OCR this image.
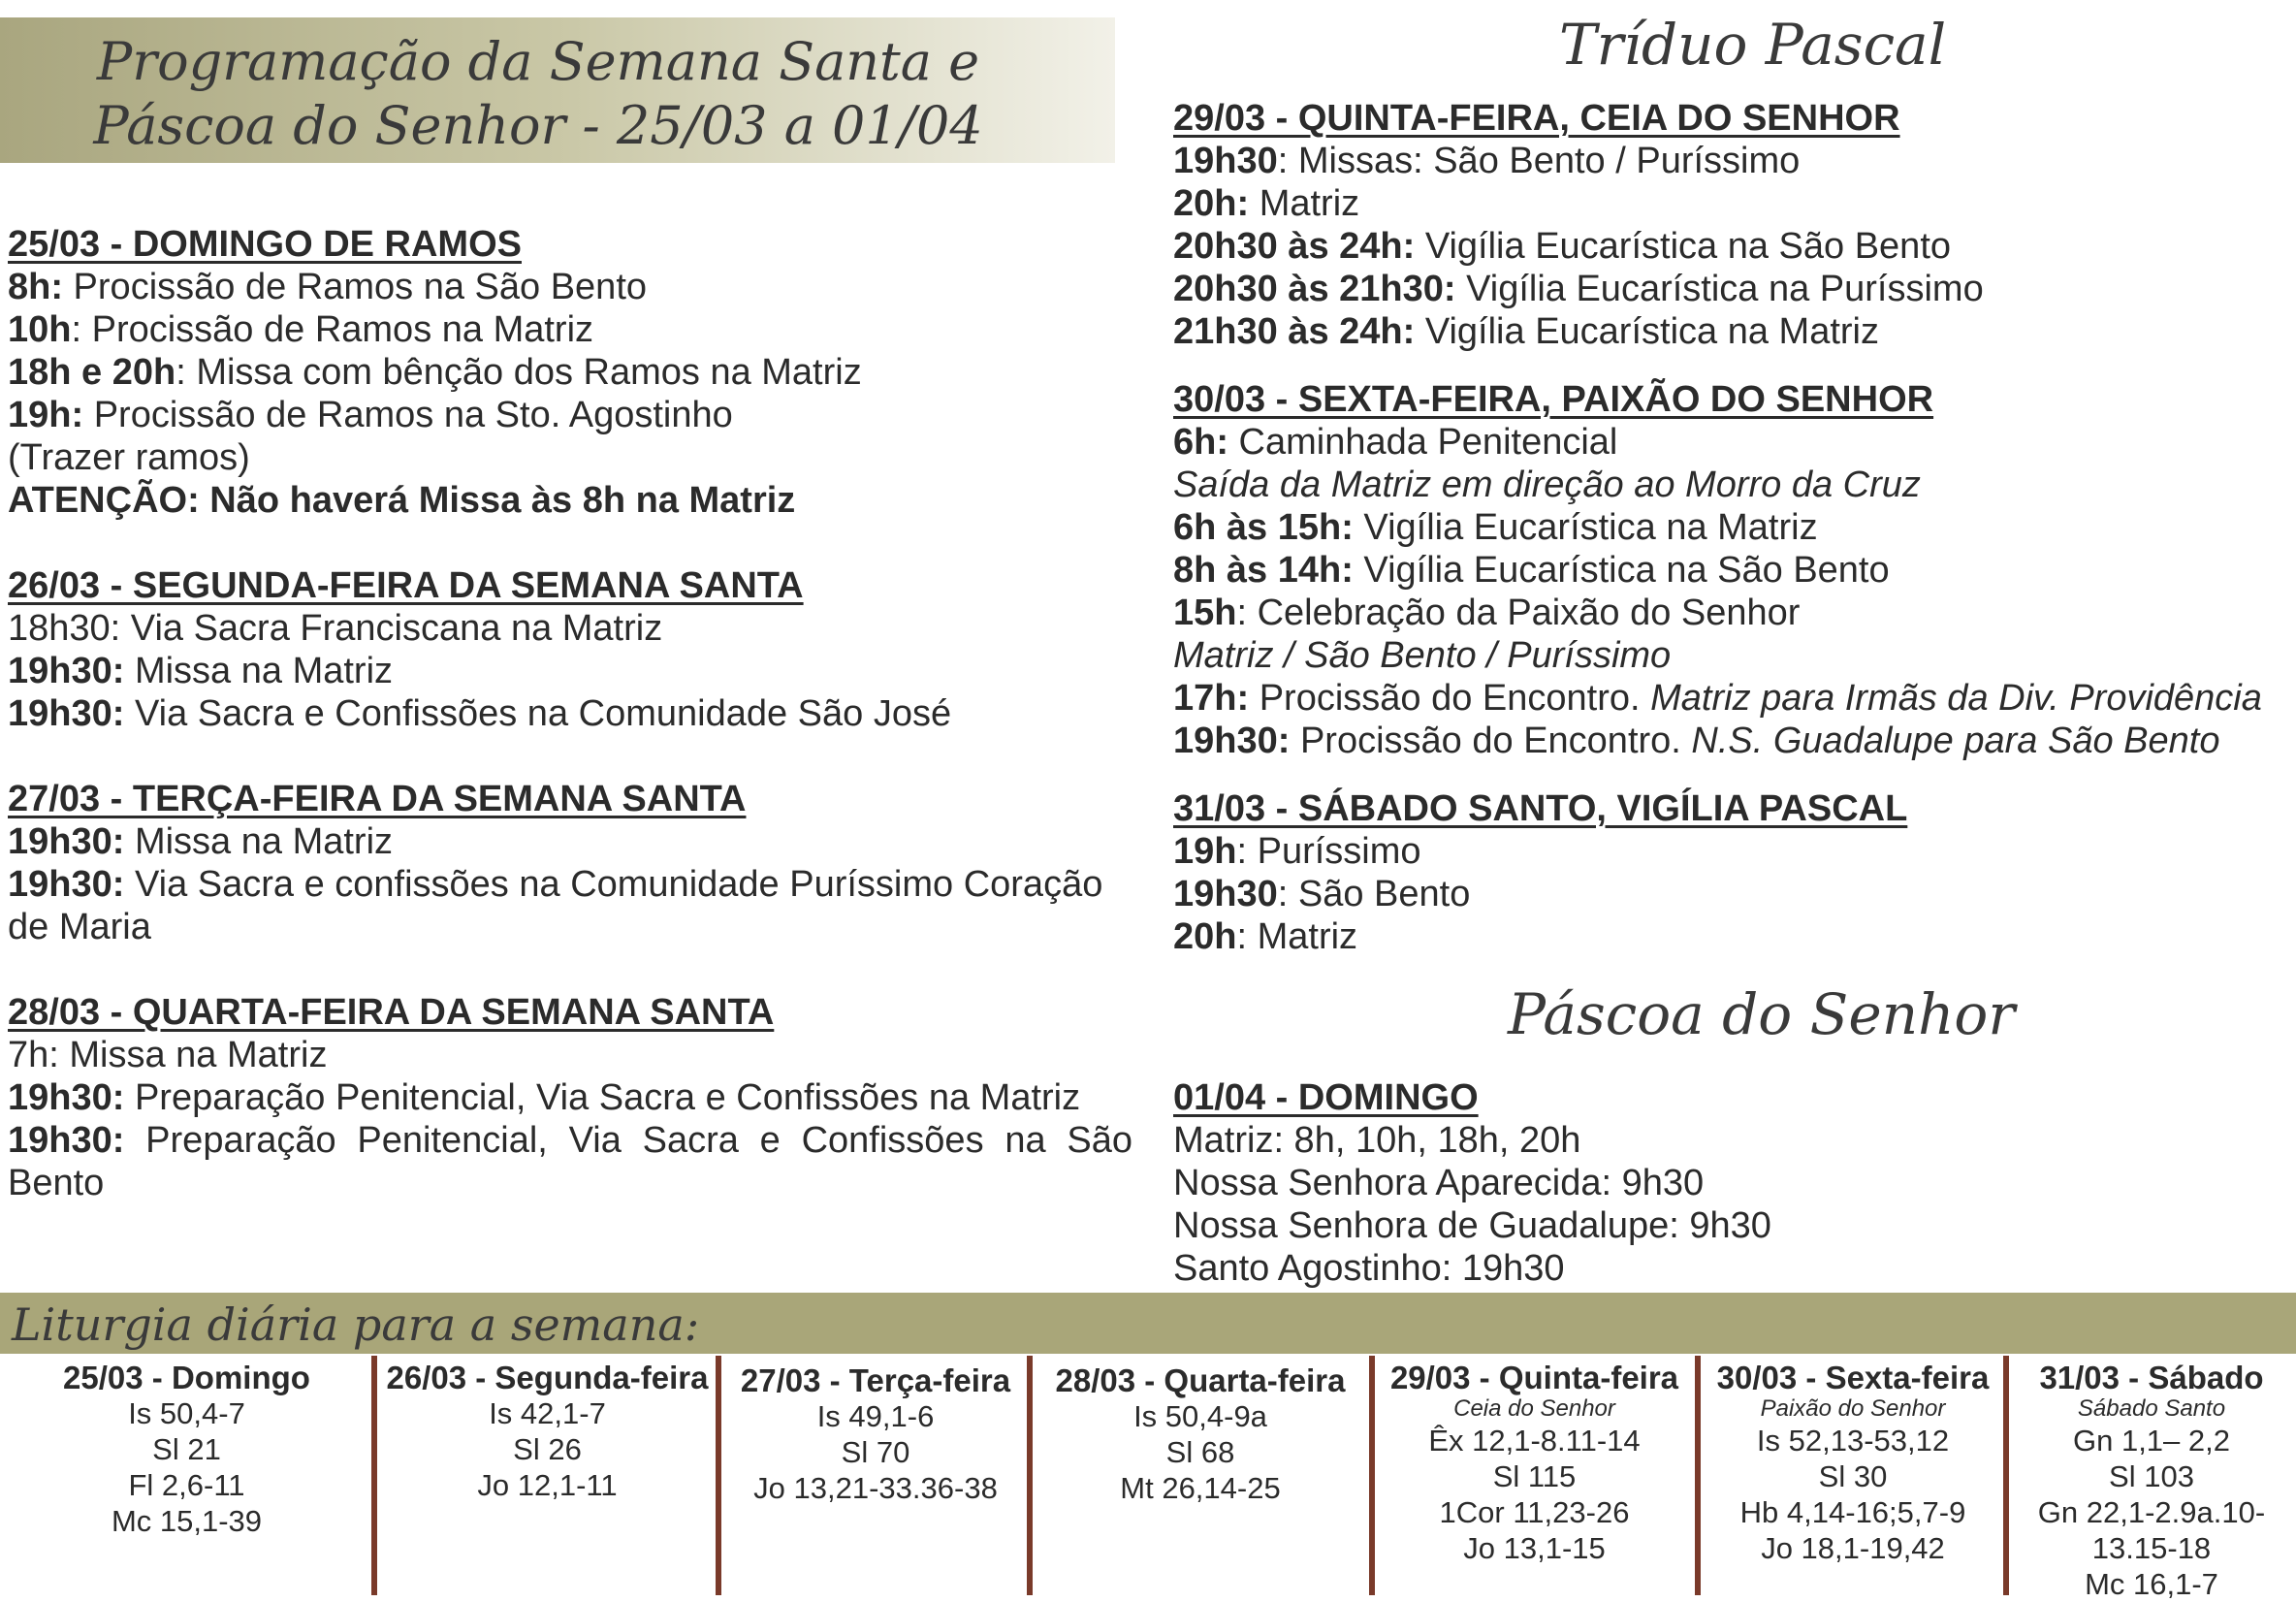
Programação da Semana Santa e
Páscoa do Senhor - 25/03 a 01/04

25/03 - DOMINGO DE RAMOS

8h: Procissão de Ramos na São Bento

10h: Procissão de Ramos na Matriz

18h e 20h: Missa com bênção dos Ramos na Matriz

19h: Procissão de Ramos na Sto. Agostinho

(Trazer ramos)

ATENÇÃO: Não haverá Missa às 8h na Matriz

26/03 - SEGUNDA-FEIRA DA SEMANA SANTA

18h30: Via Sacra Franciscana na Matriz

19h30: Missa na Matriz

19h30: Via Sacra e Confissões na Comunidade São José

27/03 - TERÇA-FEIRA DA SEMANA SANTA

19h30: Missa na Matriz

19h30: Via Sacra e confissões na Comunidade Puríssimo Coração de Maria

28/03 - QUARTA-FEIRA DA SEMANA SANTA

7h: Missa na Matriz

19h30: Preparação Penitencial, Via Sacra e Confissões na Matriz

19h30: Preparação Penitencial, Via Sacra e Confissões na São Bento

Tríduo Pascal

29/03 - QUINTA-FEIRA, CEIA DO SENHOR

19h30: Missas: São Bento / Puríssimo

20h: Matriz

20h30 às 24h: Vigília Eucarística na São Bento

20h30 às 21h30: Vigília Eucarística na Puríssimo

21h30 às 24h: Vigília Eucarística na Matriz

30/03 - SEXTA-FEIRA, PAIXÃO DO SENHOR

6h: Caminhada Penitencial

Saída da Matriz em direção ao Morro da Cruz

6h às 15h: Vigília Eucarística na Matriz

8h às 14h: Vigília Eucarística na São Bento

15h: Celebração da Paixão do Senhor

Matriz / São Bento / Puríssimo

17h: Procissão do Encontro. Matriz para Irmãs da Div. Providência

19h30: Procissão do Encontro. N.S. Guadalupe para São Bento

31/03 - SÁBADO SANTO, VIGÍLIA PASCAL

19h: Puríssimo

19h30: São Bento

20h: Matriz

Páscoa do Senhor

01/04 - DOMINGO

Matriz: 8h, 10h, 18h, 20h

Nossa Senhora Aparecida: 9h30

Nossa Senhora de Guadalupe: 9h30

Santo Agostinho: 19h30

Liturgia diária para a semana:

25/03 - Domingo

Is 50,4-7

Sl 21

Fl 2,6-11

Mc 15,1-39

26/03 - Segunda-feira

Is 42,1-7

Sl 26

Jo 12,1-11

27/03 - Terça-feira

Is 49,1-6

Sl 70

Jo 13,21-33.36-38

28/03 - Quarta-feira

Is 50,4-9a

Sl 68

Mt 26,14-25

29/03 - Quinta-feira

Ceia do Senhor

Êx 12,1-8.11-14

Sl 115

1Cor 11,23-26

Jo 13,1-15

30/03 - Sexta-feira

Paixão do Senhor

Is 52,13-53,12

Sl 30

Hb 4,14-16;5,7-9

Jo 18,1-19,42

31/03 - Sábado

Sábado Santo

Gn 1,1– 2,2

Sl 103

Gn 22,1-2.9a.10-13.15-18

Mc 16,1-7
